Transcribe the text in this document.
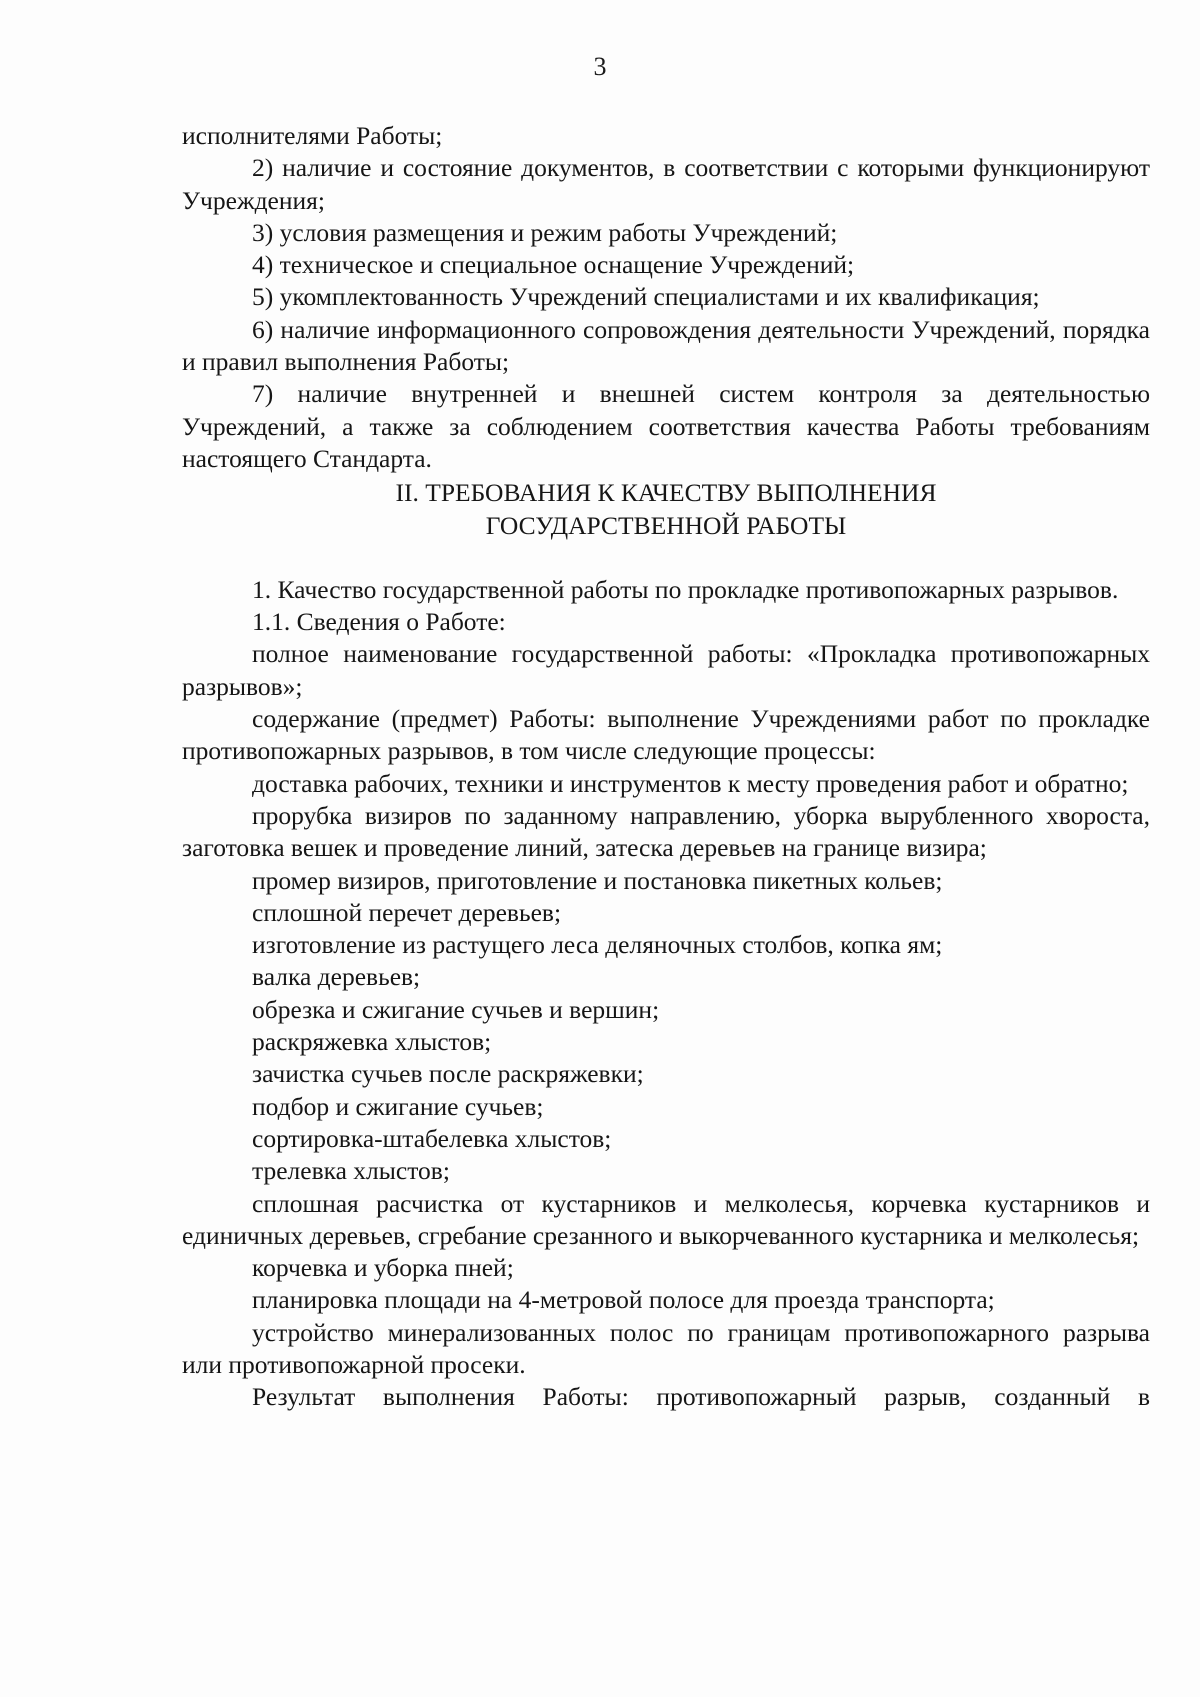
3

исполнителями Работы;

2) наличие и состояние документов, в соответствии с которыми функционируют Учреждения;

3) условия размещения и режим работы Учреждений;

4) техническое и специальное оснащение Учреждений;

5) укомплектованность Учреждений специалистами и их квалификация;

6) наличие информационного сопровождения деятельности Учреждений, порядка и правил выполнения Работы;

7) наличие внутренней и внешней систем контроля за деятельностью Учреждений, а также за соблюдением соответствия качества Работы требованиям настоящего Стандарта.

II. ТРЕБОВАНИЯ К КАЧЕСТВУ ВЫПОЛНЕНИЯ
ГОСУДАРСТВЕННОЙ РАБОТЫ

1. Качество государственной работы по прокладке противопожарных разрывов.

1.1. Сведения о Работе:

полное наименование государственной работы: «Прокладка противопожарных разрывов»;

содержание (предмет) Работы: выполнение Учреждениями работ по прокладке противопожарных разрывов, в том числе следующие процессы:

доставка рабочих, техники и инструментов к месту проведения работ и обратно;

прорубка визиров по заданному направлению, уборка вырубленного хвороста, заготовка вешек и проведение линий, затеска деревьев на границе визира;

промер визиров, приготовление и постановка пикетных кольев;

сплошной перечет деревьев;

изготовление из растущего леса деляночных столбов, копка ям;

валка деревьев;

обрезка и сжигание сучьев и вершин;

раскряжевка хлыстов;

зачистка сучьев после раскряжевки;

подбор и сжигание сучьев;

сортировка-штабелевка хлыстов;

трелевка хлыстов;

сплошная расчистка от кустарников и мелколесья, корчевка кустарников и единичных деревьев, сгребание срезанного и выкорчеванного кустарника и мелколесья;

корчевка и уборка пней;

планировка площади на 4-метровой полосе для проезда транспорта;

устройство минерализованных полос по границам противопожарного разрыва или противопожарной просеки.

Результат выполнения Работы: противопожарный разрыв, созданный в
